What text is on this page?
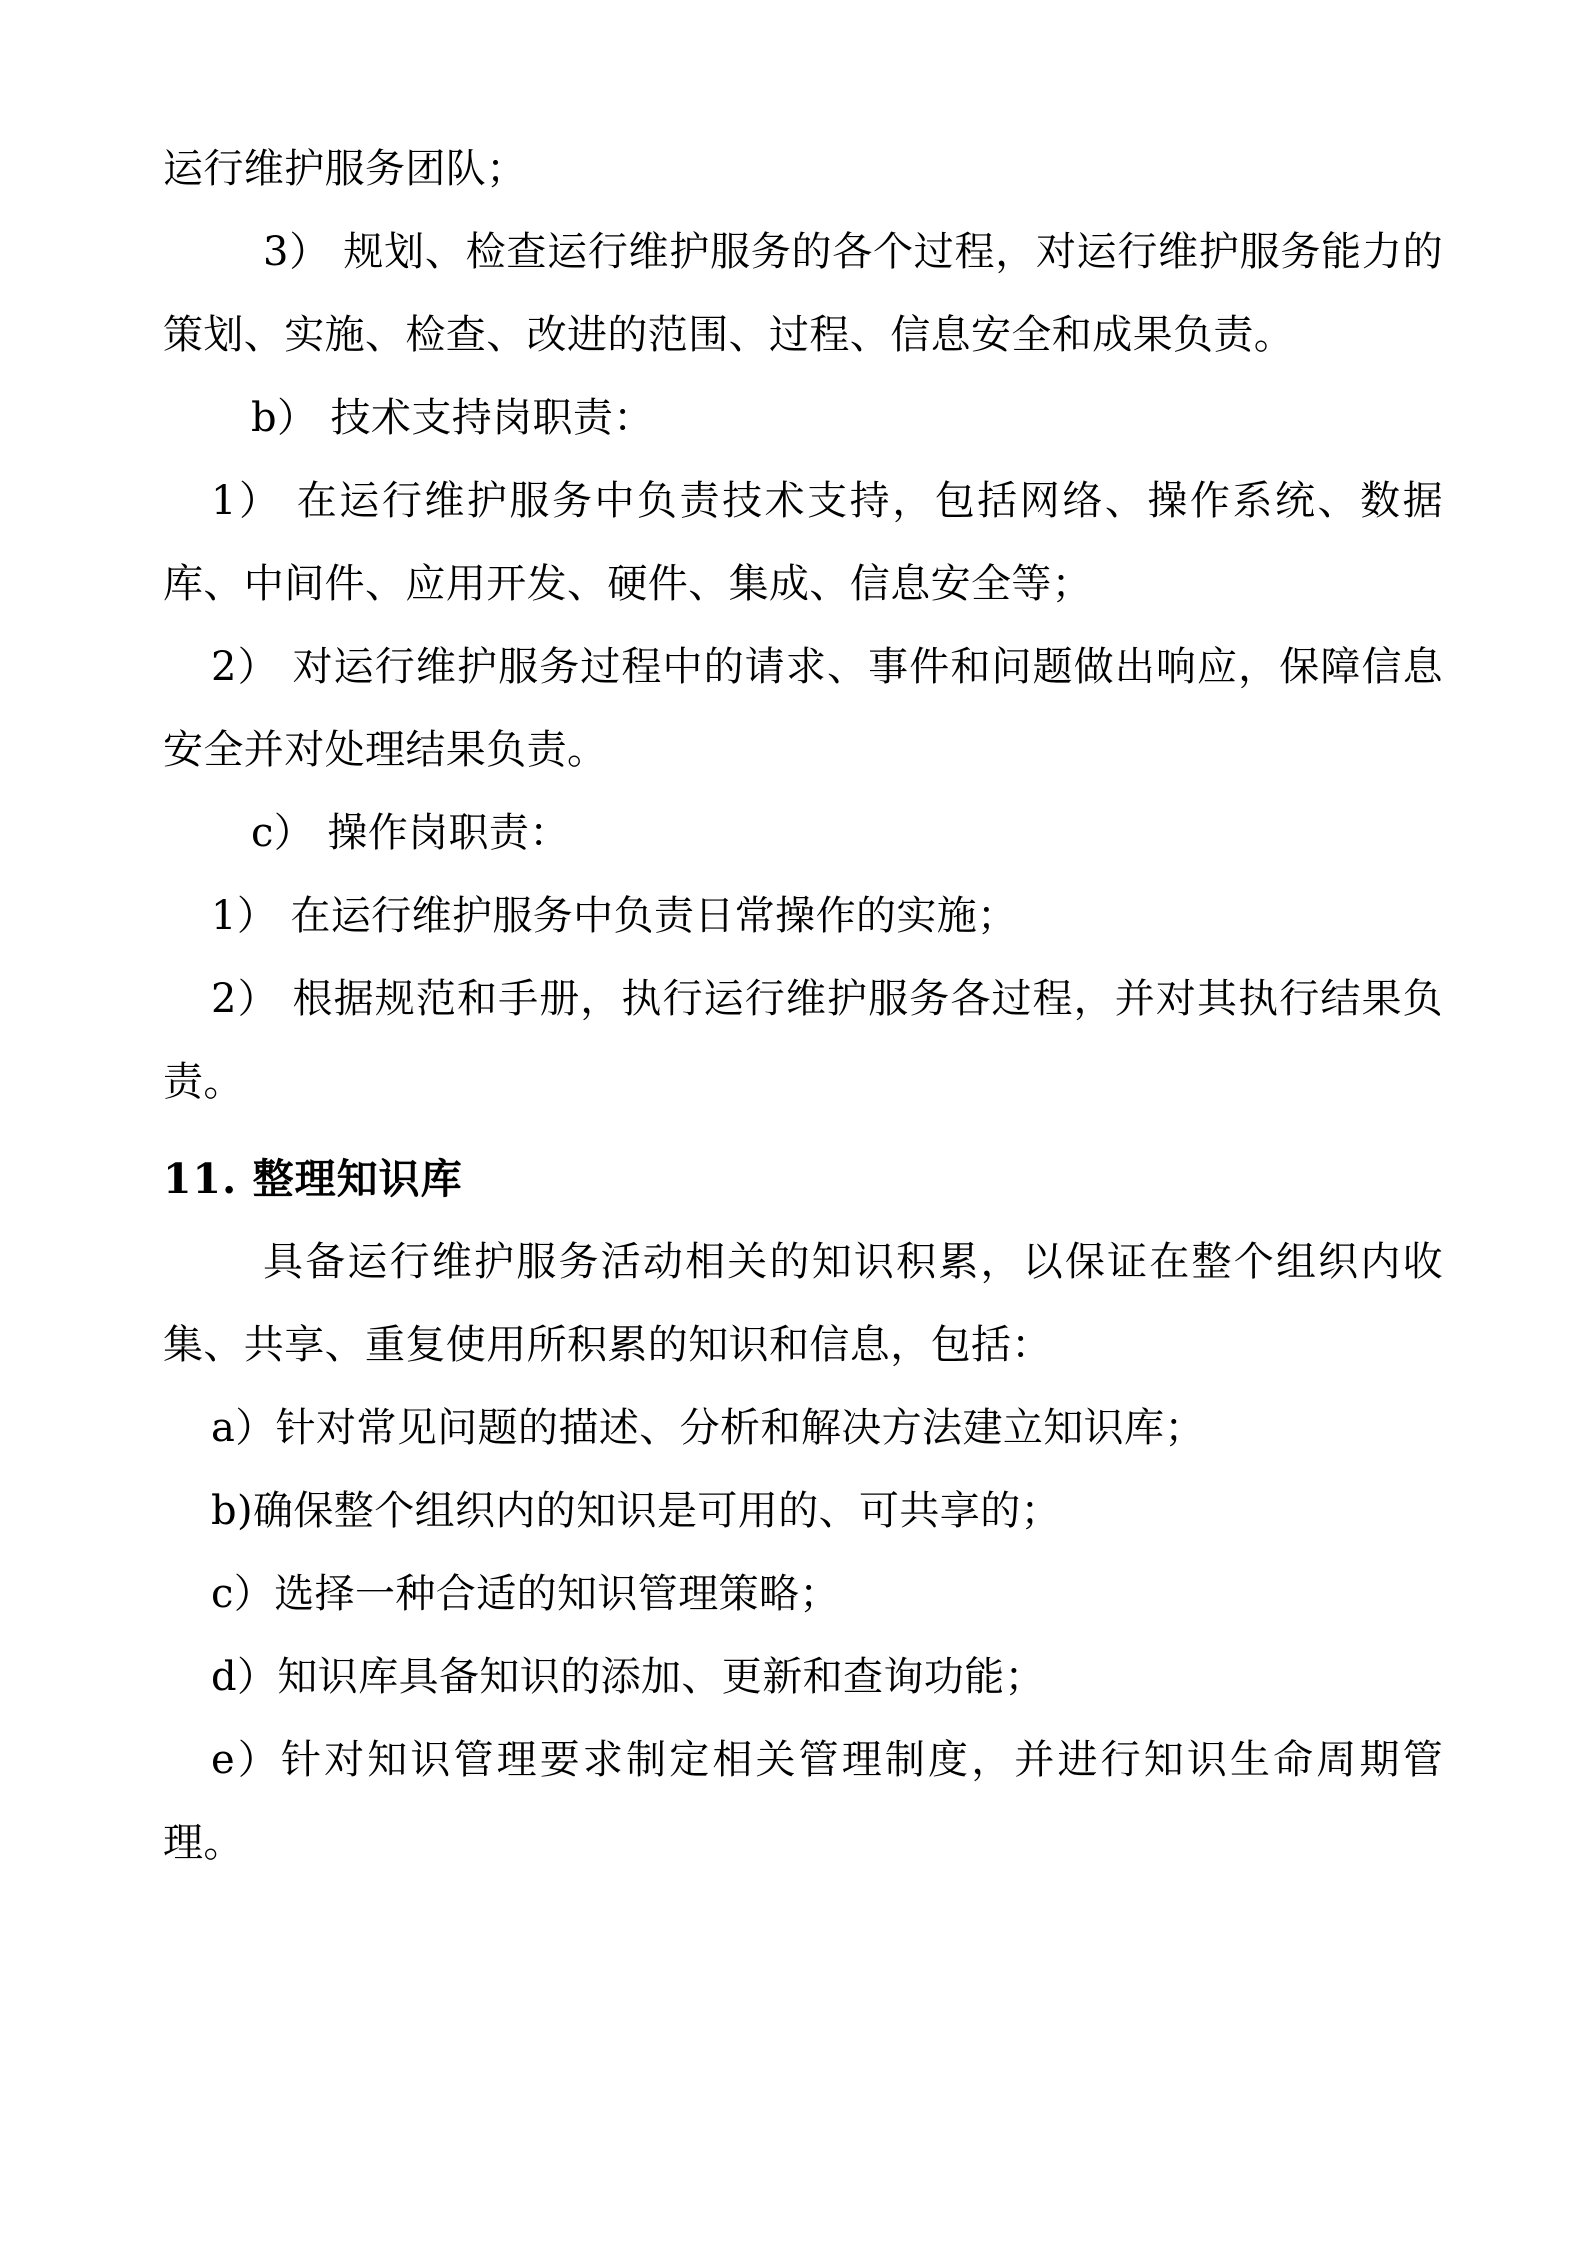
运行维护服务团队；

3） 规划、检查运行维护服务的各个过程，对运行维护服务能力的策划、实施、检查、改进的范围、过程、信息安全和成果负责。

b） 技术支持岗职责：

1） 在运行维护服务中负责技术支持，包括网络、操作系统、数据库、中间件、应用开发、硬件、集成、信息安全等；

2） 对运行维护服务过程中的请求、事件和问题做出响应，保障信息安全并对处理结果负责。

c） 操作岗职责：

1） 在运行维护服务中负责日常操作的实施；

2） 根据规范和手册，执行运行维护服务各过程，并对其执行结果负责。

11. 整理知识库

具备运行维护服务活动相关的知识积累，以保证在整个组织内收集、共享、重复使用所积累的知识和信息，包括：

a）针对常见问题的描述、分析和解决方法建立知识库；

b)确保整个组织内的知识是可用的、可共享的；

c）选择一种合适的知识管理策略；

d）知识库具备知识的添加、更新和查询功能；

e）针对知识管理要求制定相关管理制度，并进行知识生命周期管理。
